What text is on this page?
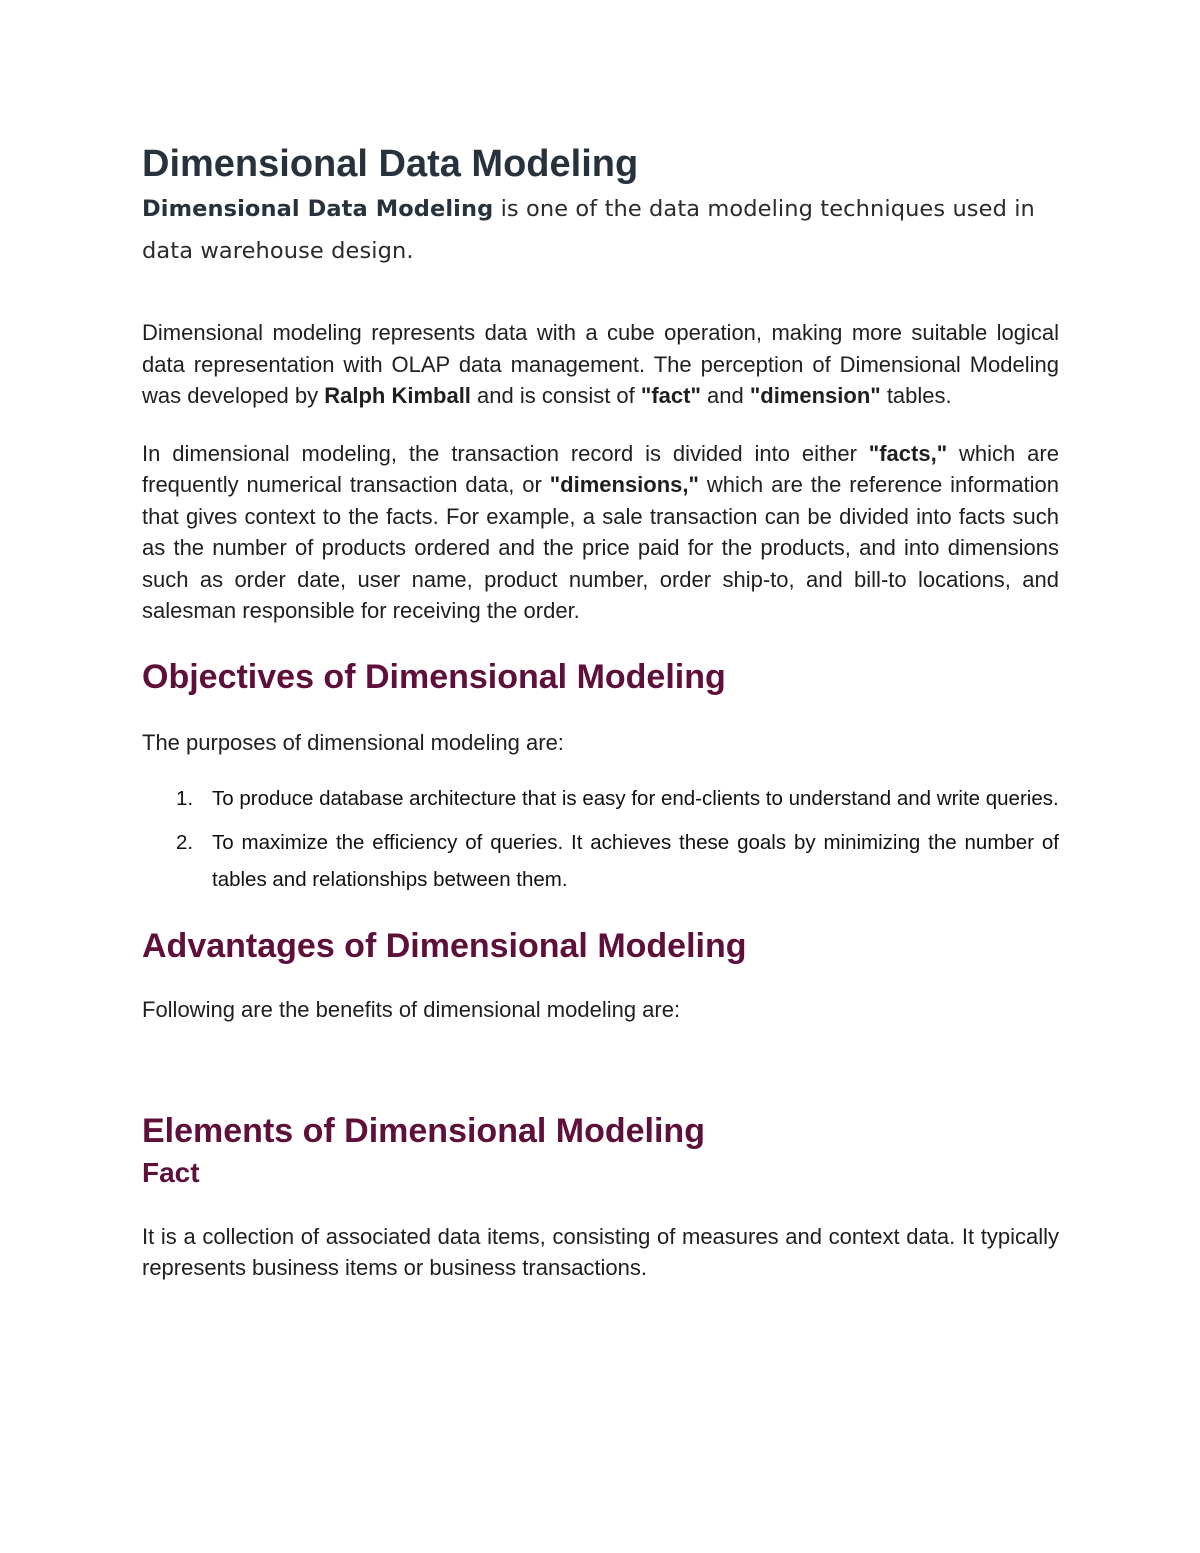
Dimensional Data Modeling

Dimensional Data Modeling is one of the data modeling techniques used in data warehouse design.

Dimensional modeling represents data with a cube operation, making more suitable logical data representation with OLAP data management. The perception of Dimensional Modeling was developed by Ralph Kimball and is consist of "fact" and "dimension" tables.

In dimensional modeling, the transaction record is divided into either "facts," which are frequently numerical transaction data, or "dimensions," which are the reference information that gives context to the facts. For example, a sale transaction can be divided into facts such as the number of products ordered and the price paid for the products, and into dimensions such as order date, user name, product number, order ship-to, and bill-to locations, and salesman responsible for receiving the order.

Objectives of Dimensional Modeling

The purposes of dimensional modeling are:

1. To produce database architecture that is easy for end-clients to understand and write queries.
2. To maximize the efficiency of queries. It achieves these goals by minimizing the number of tables and relationships between them.
Advantages of Dimensional Modeling

Following are the benefits of dimensional modeling are:

Elements of Dimensional Modeling
Fact

It is a collection of associated data items, consisting of measures and context data. It typically represents business items or business transactions.
